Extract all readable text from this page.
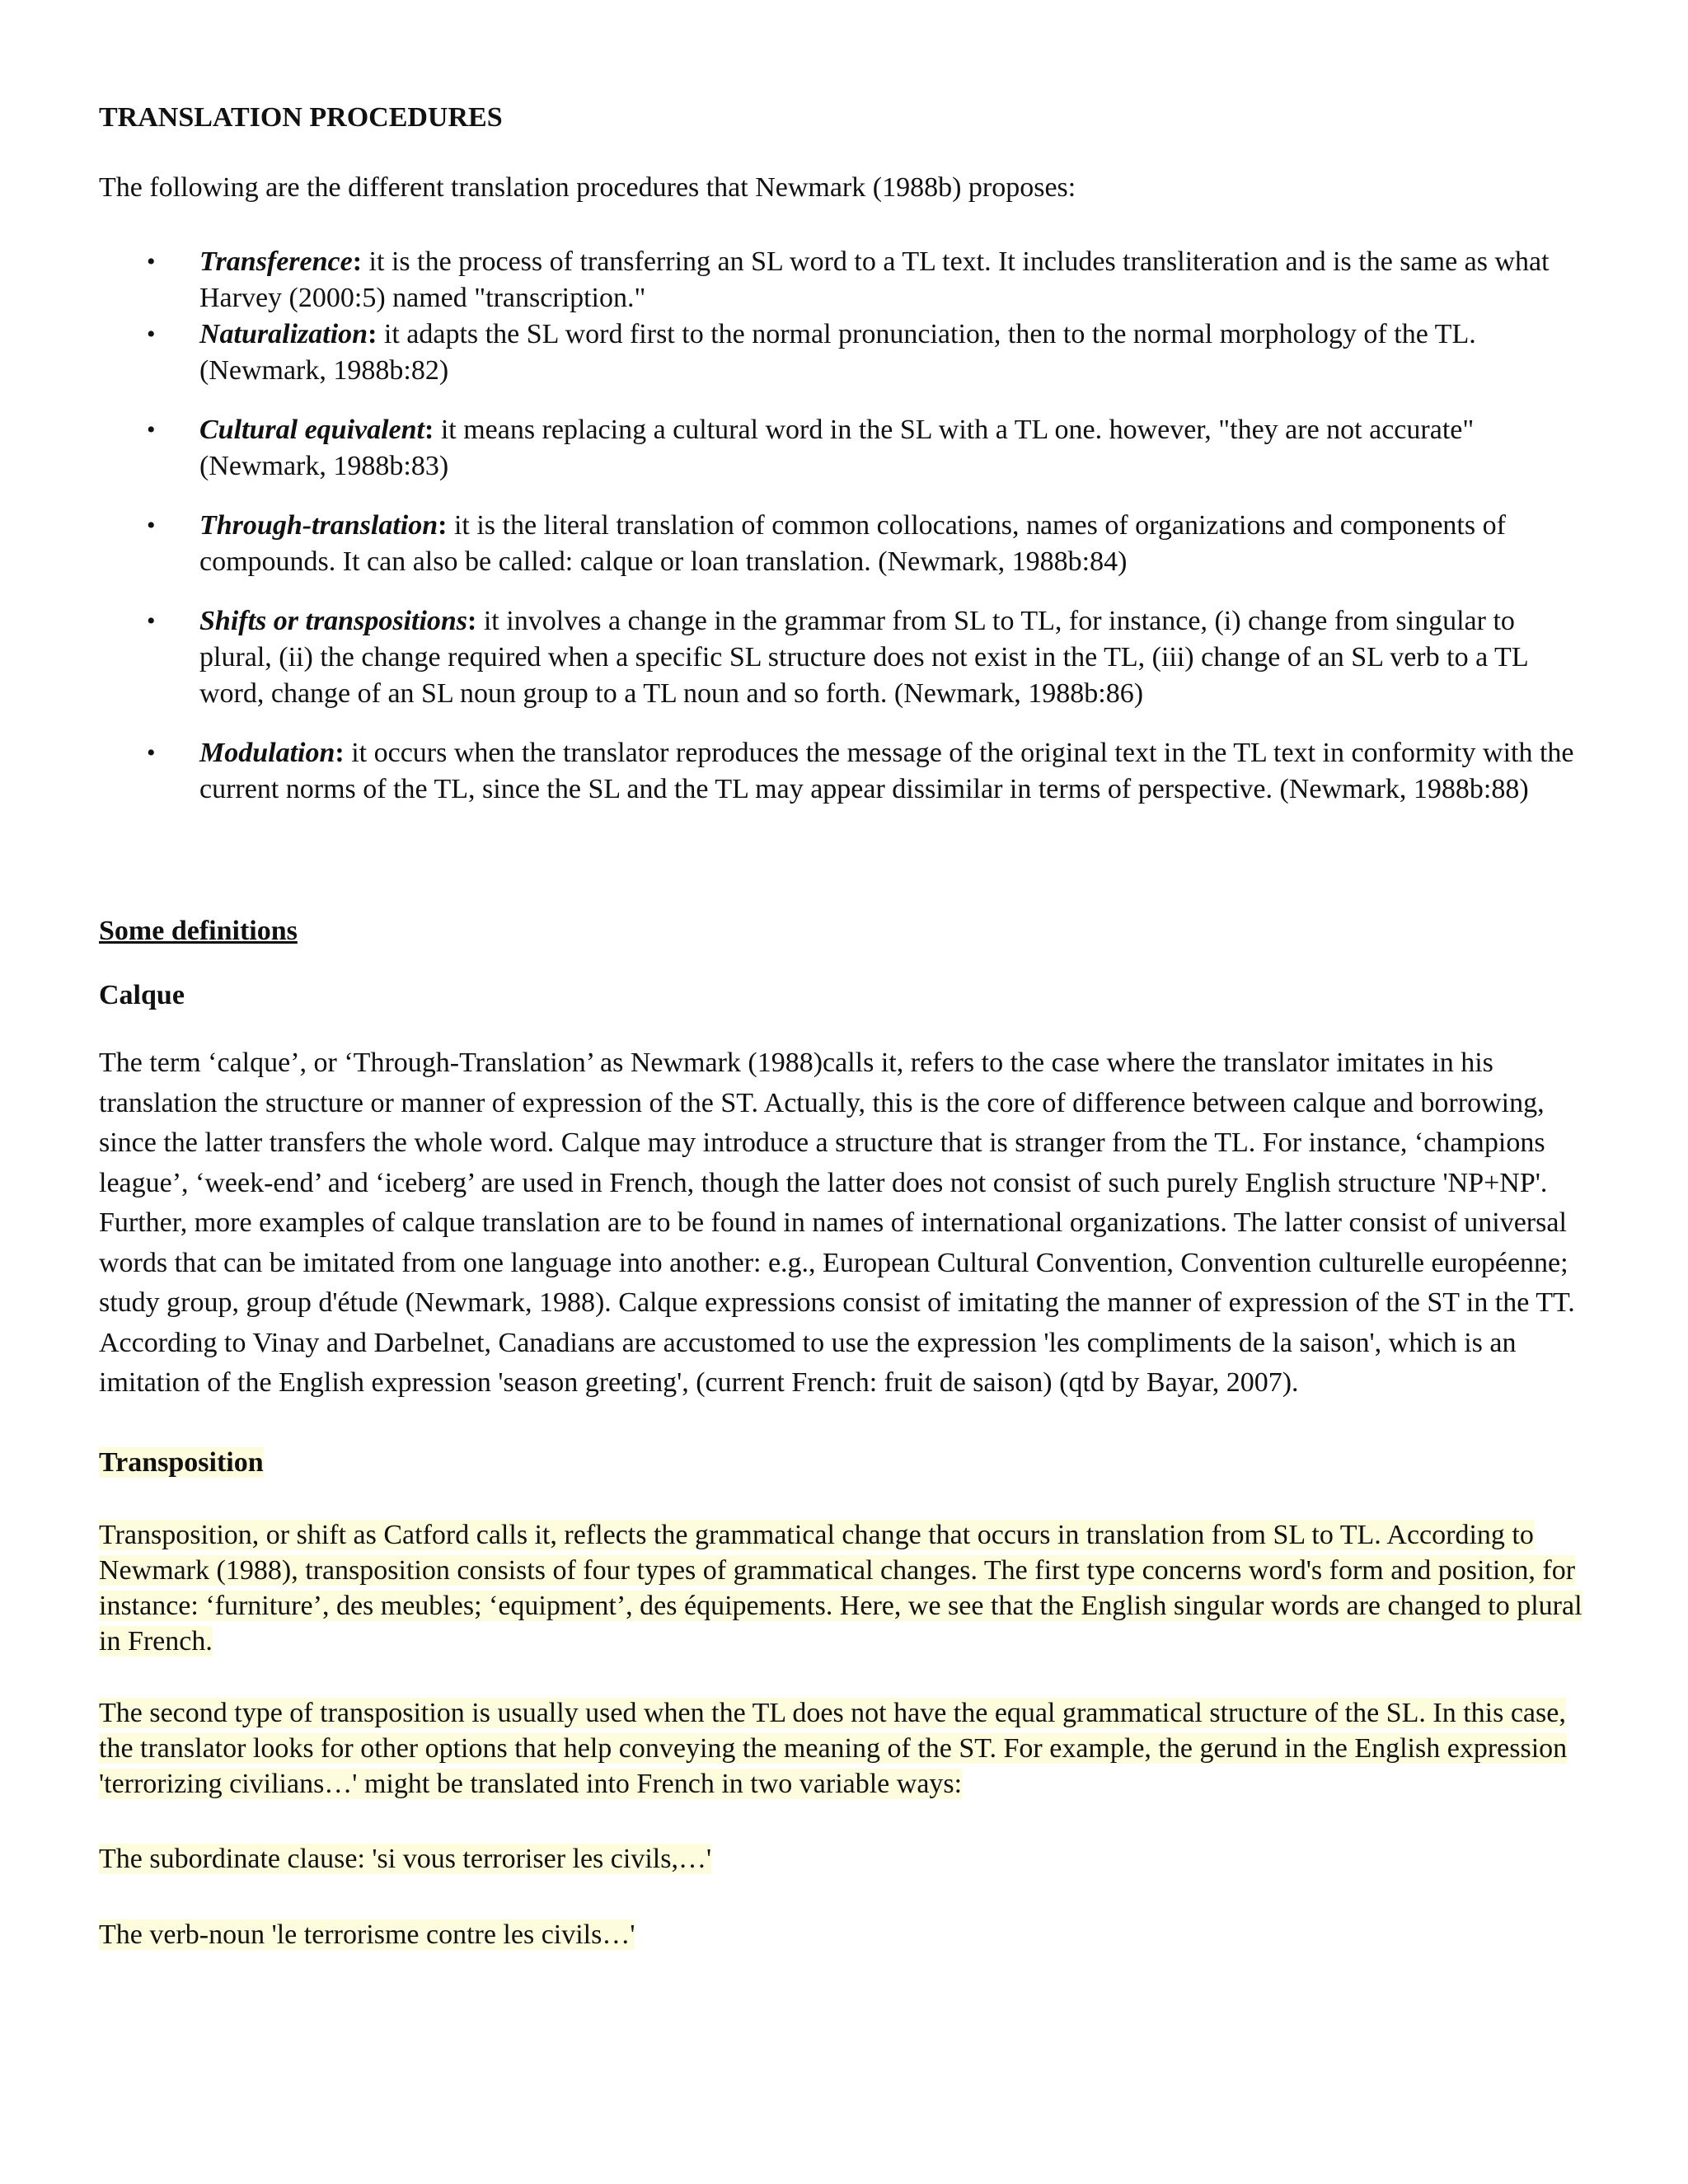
TRANSLATION PROCEDURES

The following are the different translation procedures that Newmark (1988b) proposes:

• Transference: it is the process of transferring an SL word to a TL text. It includes transliteration and is the same as what Harvey (2000:5) named "transcription."
• Naturalization: it adapts the SL word first to the normal pronunciation, then to the normal morphology of the TL. (Newmark, 1988b:82)
• Cultural equivalent: it means replacing a cultural word in the SL with a TL one. however, "they are not accurate" (Newmark, 1988b:83)
• Through-translation: it is the literal translation of common collocations, names of organizations and components of compounds. It can also be called: calque or loan translation. (Newmark, 1988b:84)
• Shifts or transpositions: it involves a change in the grammar from SL to TL, for instance, (i) change from singular to plural, (ii) the change required when a specific SL structure does not exist in the TL, (iii) change of an SL verb to a TL word, change of an SL noun group to a TL noun and so forth. (Newmark, 1988b:86)
• Modulation: it occurs when the translator reproduces the message of the original text in the TL text in conformity with the current norms of the TL, since the SL and the TL may appear dissimilar in terms of perspective. (Newmark, 1988b:88)
Some definitions
Calque

The term ‘calque’, or ‘Through-Translation’ as Newmark (1988)calls it, refers to the case where the translator imitates in his translation the structure or manner of expression of the ST. Actually, this is the core of difference between calque and borrowing, since the latter transfers the whole word. Calque may introduce a structure that is stranger from the TL. For instance, ‘champions league’, ‘week-end’ and ‘iceberg’ are used in French, though the latter does not consist of such purely English structure 'NP+NP'. Further, more examples of calque translation are to be found in names of international organizations. The latter consist of universal words that can be imitated from one language into another: e.g., European Cultural Convention, Convention culturelle européenne; study group, group d'étude (Newmark, 1988). Calque expressions consist of imitating the manner of expression of the ST in the TT. According to Vinay and Darbelnet, Canadians are accustomed to use the expression 'les compliments de la saison', which is an imitation of the English expression 'season greeting', (current French: fruit de saison) (qtd by Bayar, 2007).

Transposition

Transposition, or shift as Catford calls it, reflects the grammatical change that occurs in translation from SL to TL. According to Newmark (1988), transposition consists of four types of grammatical changes. The first type concerns word's form and position, for instance: ‘furniture’, des meubles; ‘equipment’, des équipements. Here, we see that the English singular words are changed to plural in French.

The second type of transposition is usually used when the TL does not have the equal grammatical structure of the SL. In this case, the translator looks for other options that help conveying the meaning of the ST. For example, the gerund in the English expression 'terrorizing civilians…' might be translated into French in two variable ways:

The subordinate clause: 'si vous terroriser les civils,…'

The verb-noun 'le terrorisme contre les civils…'
